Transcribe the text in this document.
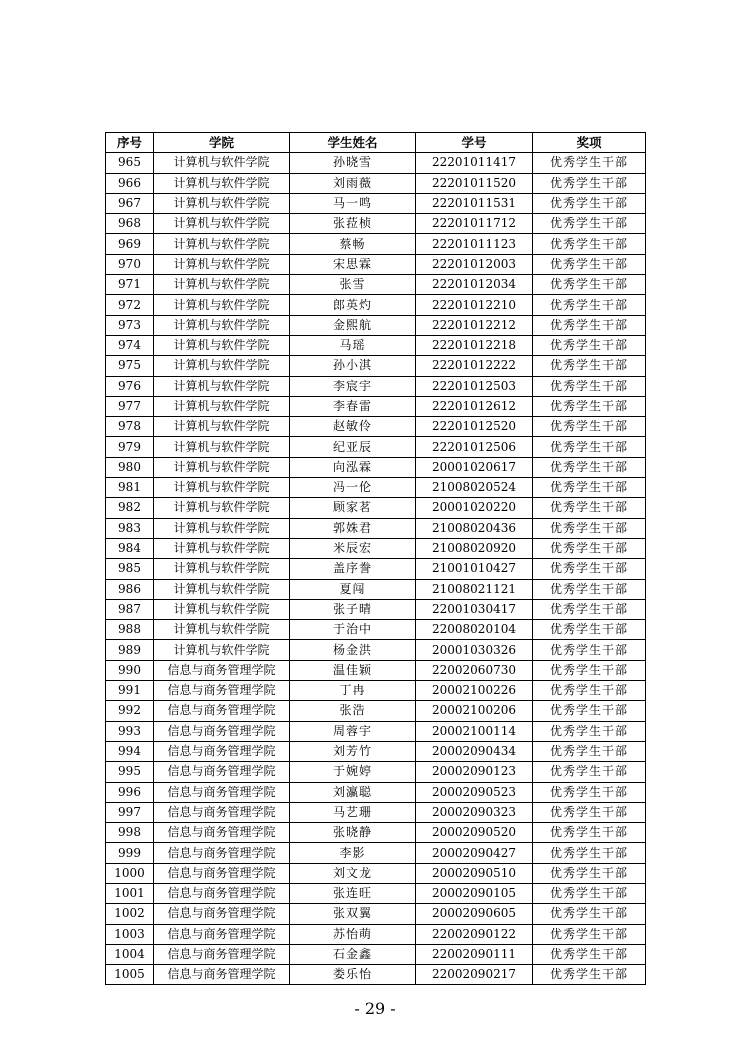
序号	学院	学生姓名	学号	奖项
965	计算机与软件学院	孙晓雪	22201011417	优秀学生干部
966	计算机与软件学院	刘雨薇	22201011520	优秀学生干部
967	计算机与软件学院	马一鸣	22201011531	优秀学生干部
968	计算机与软件学院	张菈桢	22201011712	优秀学生干部
969	计算机与软件学院	蔡畅	22201011123	优秀学生干部
970	计算机与软件学院	宋思霖	22201012003	优秀学生干部
971	计算机与软件学院	张雪	22201012034	优秀学生干部
972	计算机与软件学院	郎英灼	22201012210	优秀学生干部
973	计算机与软件学院	金熙航	22201012212	优秀学生干部
974	计算机与软件学院	马瑶	22201012218	优秀学生干部
975	计算机与软件学院	孙小淇	22201012222	优秀学生干部
976	计算机与软件学院	李宸宇	22201012503	优秀学生干部
977	计算机与软件学院	李春雷	22201012612	优秀学生干部
978	计算机与软件学院	赵敏伶	22201012520	优秀学生干部
979	计算机与软件学院	纪亚辰	22201012506	优秀学生干部
980	计算机与软件学院	向泓霖	20001020617	优秀学生干部
981	计算机与软件学院	冯一伦	21008020524	优秀学生干部
982	计算机与软件学院	顾家茗	20001020220	优秀学生干部
983	计算机与软件学院	郭姝君	21008020436	优秀学生干部
984	计算机与软件学院	米辰宏	21008020920	优秀学生干部
985	计算机与软件学院	盖序誊	21001010427	优秀学生干部
986	计算机与软件学院	夏闯	21008021121	优秀学生干部
987	计算机与软件学院	张子晴	22001030417	优秀学生干部
988	计算机与软件学院	于治中	22008020104	优秀学生干部
989	计算机与软件学院	杨金洪	20001030326	优秀学生干部
990	信息与商务管理学院	温佳颖	22002060730	优秀学生干部
991	信息与商务管理学院	丁冉	20002100226	优秀学生干部
992	信息与商务管理学院	张浩	20002100206	优秀学生干部
993	信息与商务管理学院	周蓉宇	20002100114	优秀学生干部
994	信息与商务管理学院	刘芳竹	20002090434	优秀学生干部
995	信息与商务管理学院	于婉婷	20002090123	优秀学生干部
996	信息与商务管理学院	刘瀛聪	20002090523	优秀学生干部
997	信息与商务管理学院	马艺珊	20002090323	优秀学生干部
998	信息与商务管理学院	张晓静	20002090520	优秀学生干部
999	信息与商务管理学院	李影	20002090427	优秀学生干部
1000	信息与商务管理学院	刘文龙	20002090510	优秀学生干部
1001	信息与商务管理学院	张连旺	20002090105	优秀学生干部
1002	信息与商务管理学院	张双翼	20002090605	优秀学生干部
1003	信息与商务管理学院	苏怡萌	22002090122	优秀学生干部
1004	信息与商务管理学院	石金鑫	22002090111	优秀学生干部
1005	信息与商务管理学院	娄乐怡	22002090217	优秀学生干部
- 29 -
